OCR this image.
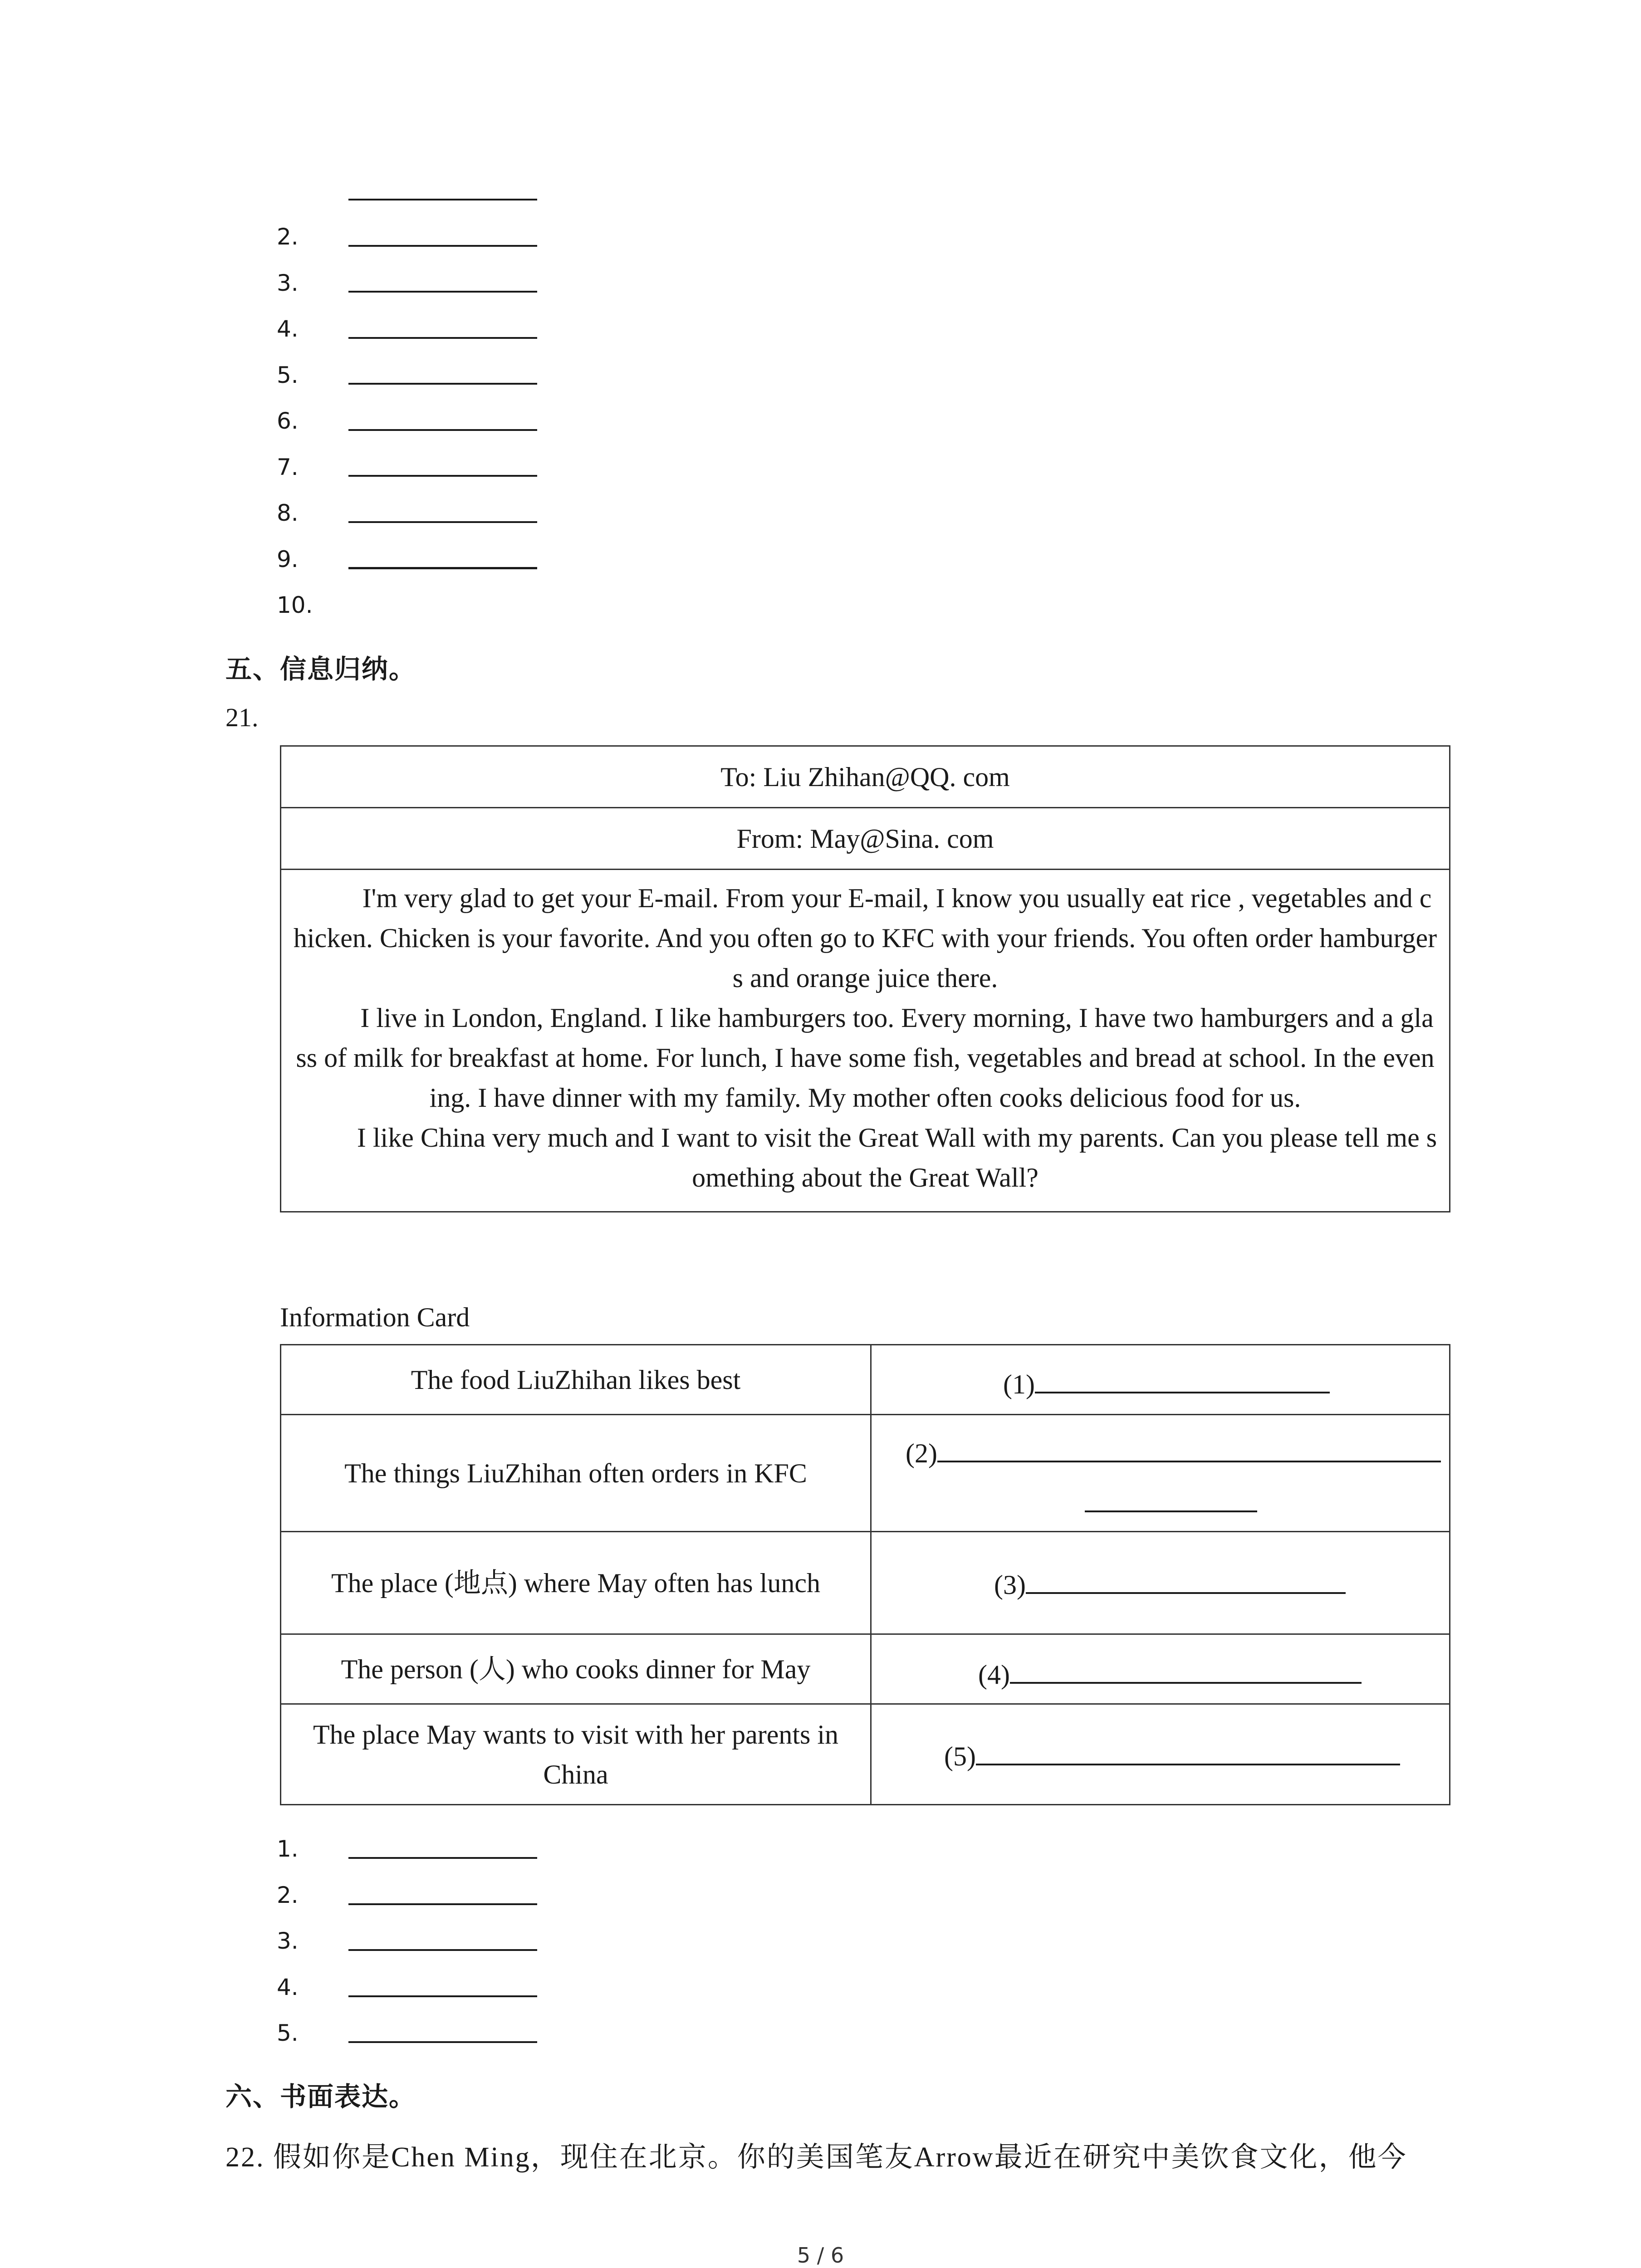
2.
3.
4.
5.
6.
7.
8.
9.
10.
五、信息归纳。
21.
To: Liu Zhihan@QQ. com
From: May@Sina. com

I'm very glad to get your E-mail. From your E-mail, I know you usually eat rice , vegetables and chicken. Chicken is your favorite. And you often go to KFC with your friends. You often order hamburgers and orange juice there.

I live in London, England. I like hamburgers too. Every morning, I have two hamburgers and a glass of milk for breakfast at home. For lunch, I have some fish, vegetables and bread at school. In the evening. I have dinner with my family. My mother often cooks delicious food for us.

I like China very much and I want to visit the Great Wall with my parents. Can you please tell me something about the Great Wall?

Information Card
The food LiuZhihan likes best	(1)

The things LiuZhihan often orders in KFC	(2)

The place (地点) where May often has lunch	(3)

The person (人) who cooks dinner for May	(4)

The place May wants to visit with her parents in China	(5)
1.
2.
3.
4.
5.
六、书面表达。
22. 假如你是Chen Ming，现住在北京。你的美国笔友Arrow最近在研究中美饮食文化，他今
5 / 6
